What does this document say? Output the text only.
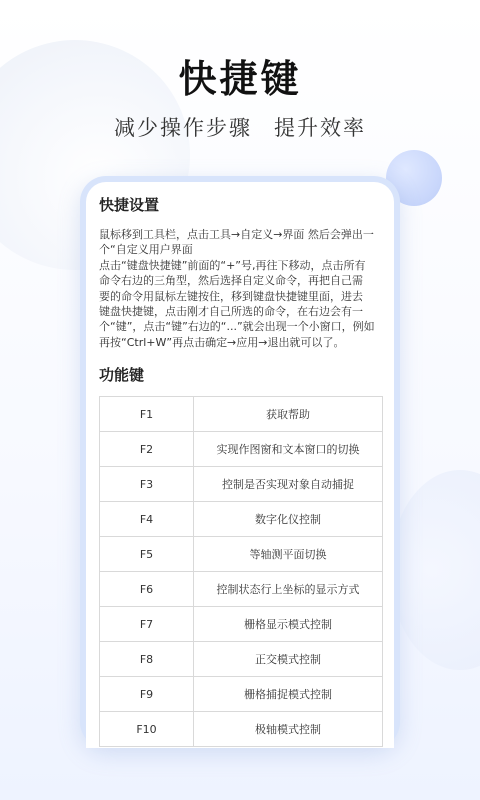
快捷键
减少操作步骤 提升效率
快捷设置
鼠标移到工具栏，点击工具→自定义→界面 然后会弹出一
个“自定义用户界面
点击“键盘快捷键”前面的“+”号,再往下移动，点击所有
命令右边的三角型，然后选择自定义命令，再把自己需
要的命令用鼠标左键按住，移到键盘快捷键里面，进去
键盘快捷键，点击刚才自己所选的命令，在右边会有一
个“键”，点击“键”右边的“...”就会出现一个小窗口，例如
再按“Ctrl+W”再点击确定→应用→退出就可以了。
功能键
F1	获取帮助
F2	实现作图窗和文本窗口的切换
F3	控制是否实现对象自动捕捉
F4	数字化仪控制
F5	等轴测平面切换
F6	控制状态行上坐标的显示方式
F7	栅格显示模式控制
F8	正交模式控制
F9	栅格捕捉模式控制
F10	极轴模式控制
